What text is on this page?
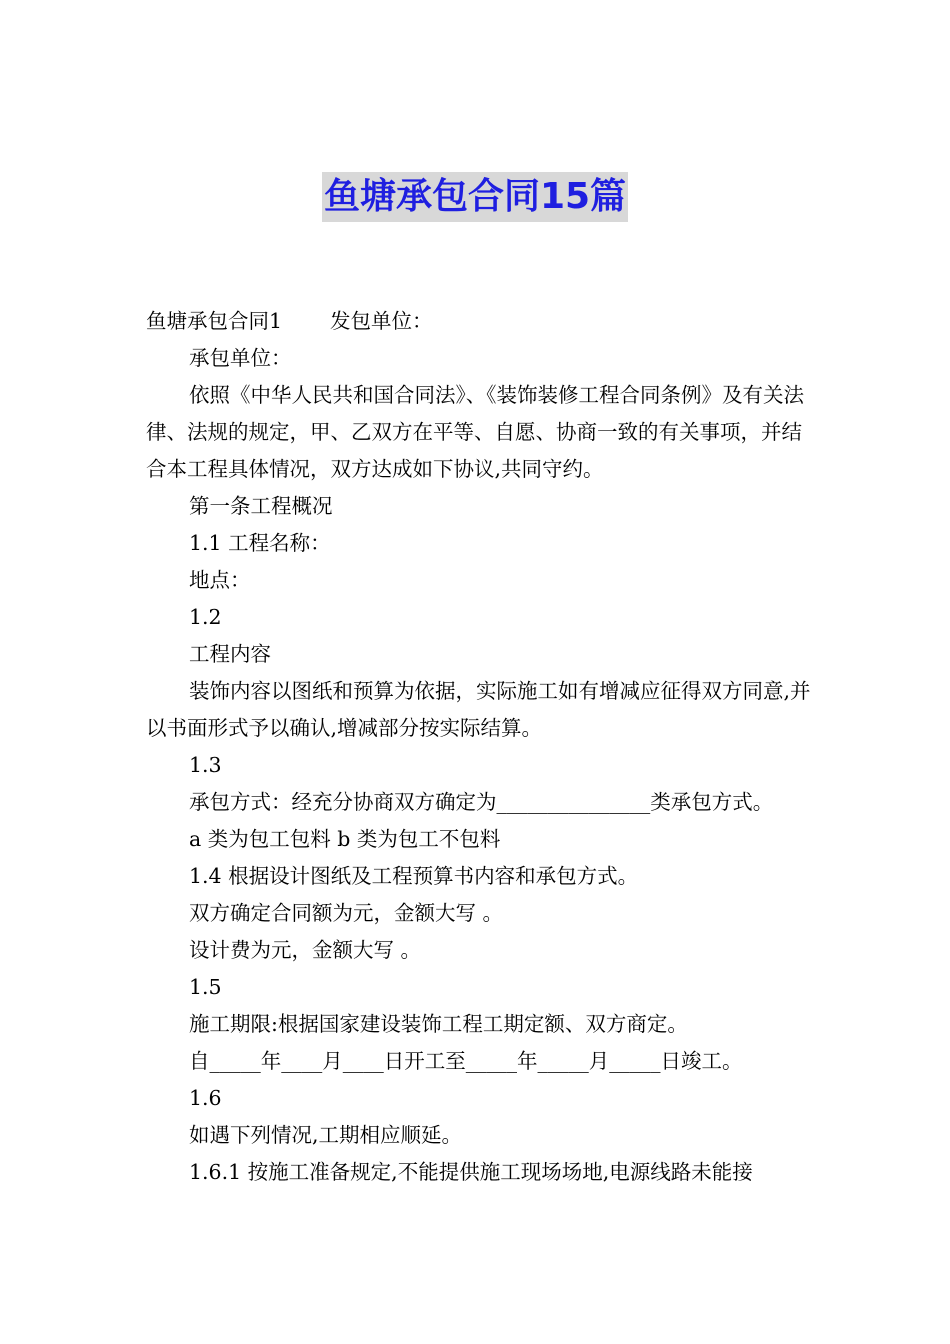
鱼塘承包合同15篇

鱼塘承包合同1 发包单位：

承包单位：

依照《中华人民共和国合同法》、《装饰装修工程合同条例》及有关法律、法规的规定，甲、乙双方在平等、自愿、协商一致的有关事项，并结合本工程具体情况，双方达成如下协议,共同守约。

第一条工程概况

1.1 工程名称：

地点：

1.2

工程内容

装饰内容以图纸和预算为依据，实际施工如有增减应征得双方同意,并以书面形式予以确认,增减部分按实际结算。

1.3

承包方式：经充分协商双方确定为_______________类承包方式。

a 类为包工包料 b 类为包工不包料

1.4 根据设计图纸及工程预算书内容和承包方式。

双方确定合同额为元，金额大写 。

设计费为元，金额大写 。

1.5

施工期限:根据国家建设装饰工程工期定额、双方商定。

自_____年____月____日开工至_____年_____月_____日竣工。

1.6

如遇下列情况,工期相应顺延。

1.6.1 按施工准备规定,不能提供施工现场场地,电源线路未能接
